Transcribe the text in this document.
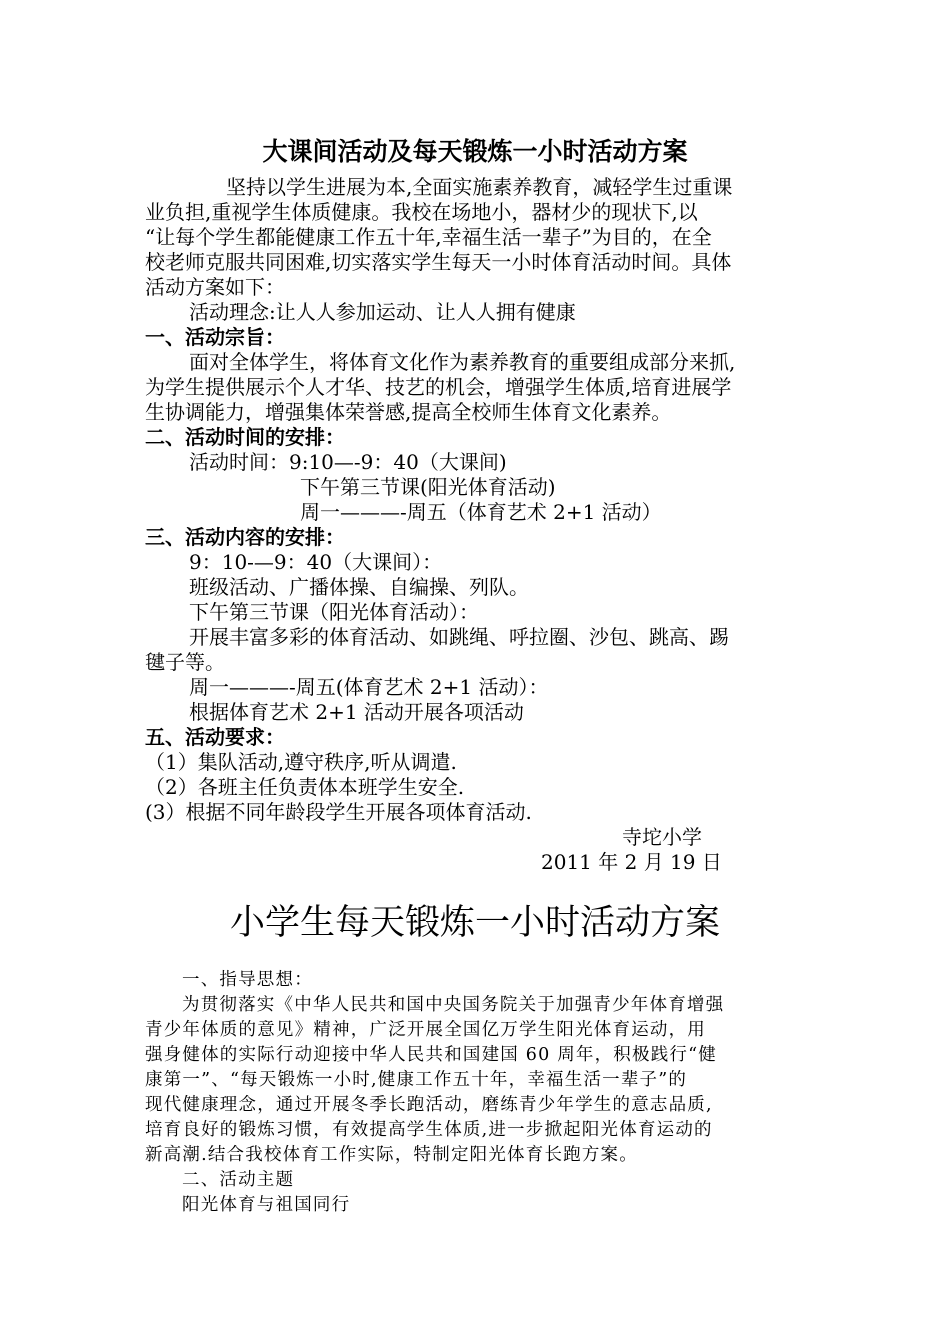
大课间活动及每天锻炼一小时活动方案
坚持以学生进展为本,全面实施素养教育，减轻学生过重课
业负担,重视学生体质健康。我校在场地小，器材少的现状下,以
“让每个学生都能健康工作五十年,幸福生活一辈子”为目的，在全
校老师克服共同困难,切实落实学生每天一小时体育活动时间。具体
活动方案如下：
活动理念:让人人参加运动、让人人拥有健康
一、活动宗旨：
面对全体学生，将体育文化作为素养教育的重要组成部分来抓,
为学生提供展示个人才华、技艺的机会，增强学生体质,培育进展学
生协调能力，增强集体荣誉感,提高全校师生体育文化素养。
二、活动时间的安排：
活动时间：9:10—-9：40（大课间)
下午第三节课(阳光体育活动)
周一———-周五（体育艺术 2+1 活动）
三、活动内容的安排：
9：10-—9：40（大课间）：
班级活动、广播体操、自编操、列队。
下午第三节课（阳光体育活动）：
开展丰富多彩的体育活动、如跳绳、呼拉圈、沙包、跳高、踢
毽子等。
周一———-周五(体育艺术 2+1 活动）：
根据体育艺术 2+1 活动开展各项活动
五、活动要求：
（1）集队活动,遵守秩序,听从调遣.
（2）各班主任负责体本班学生安全.
(3）根据不同年龄段学生开展各项体育活动.
寺坨小学
2011 年 2 月 19 日
小学生每天锻炼一小时活动方案
一、指导思想：
为贯彻落实《中华人民共和国中央国务院关于加强青少年体育增强
青少年体质的意见》精神，广泛开展全国亿万学生阳光体育运动，用
强身健体的实际行动迎接中华人民共和国建国 60 周年，积极践行“健
康第一”、“每天锻炼一小时,健康工作五十年，幸福生活一辈子”的
现代健康理念，通过开展冬季长跑活动，磨练青少年学生的意志品质,
培育良好的锻炼习惯，有效提高学生体质,进一步掀起阳光体育运动的
新高潮.结合我校体育工作实际，特制定阳光体育长跑方案。
二、活动主题
阳光体育与祖国同行
